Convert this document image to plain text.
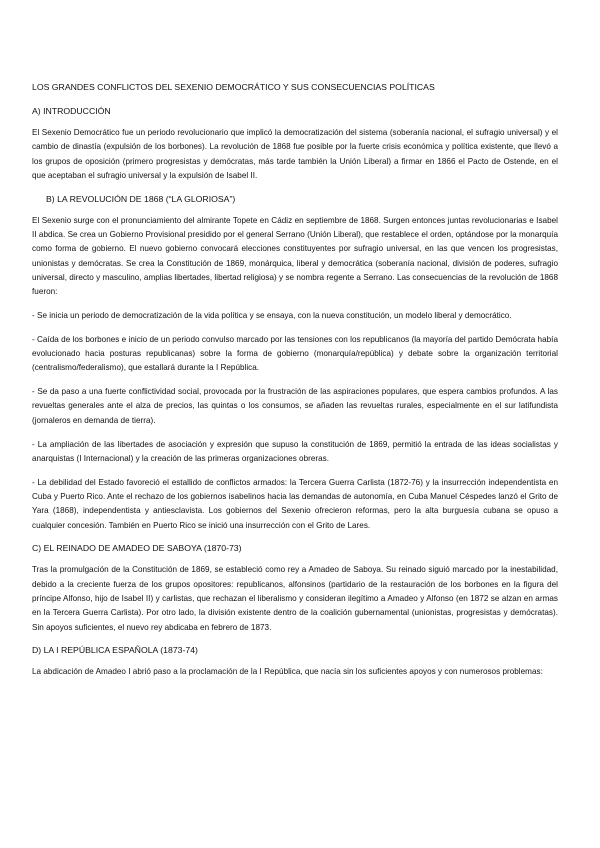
LOS GRANDES CONFLICTOS DEL SEXENIO DEMOCRÁTICO Y SUS CONSECUENCIAS POLÍTICAS
A) INTRODUCCIÓN

El Sexenio Democrático fue un periodo revolucionario que implicó la democratización del sistema (soberanía nacional, el sufragio universal) y el cambio de dinastía (expulsión de los borbones). La revolución de 1868 fue posible por la fuerte crisis económica y política existente, que llevó a los grupos de oposición (primero progresistas y demócratas, más tarde también la Unión Liberal) a firmar en 1866 el Pacto de Ostende, en el que aceptaban el sufragio universal y la expulsión de Isabel II.

B) LA REVOLUCIÓN DE 1868 (“LA GLORIOSA”)

El Sexenio surge con el pronunciamiento del almirante Topete en Cádiz en septiembre de 1868. Surgen entonces juntas revolucionarias e Isabel II abdica. Se crea un Gobierno Provisional presidido por el general Serrano (Unión Liberal), que restablece el orden, optándose por la monarquía como forma de gobierno. El nuevo gobierno convocará elecciones constituyentes por sufragio universal, en las que vencen los progresistas, unionistas y demócratas. Se crea la Constitución de 1869, monárquica, liberal y democrática (soberanía nacional, división de poderes, sufragio universal, directo y masculino, amplias libertades, libertad religiosa) y se nombra regente a Serrano. Las consecuencias de la revolución de 1868 fueron:

- Se inicia un periodo de democratización de la vida política y se ensaya, con la nueva constitución, un modelo liberal y democrático.

- Caída de los borbones e inicio de un periodo convulso marcado por las tensiones con los republicanos (la mayoría del partido Demócrata había evolucionado hacia posturas republicanas) sobre la forma de gobierno (monarquía/república) y debate sobre la organización territorial (centralismo/federalismo), que estallará durante la I República.

- Se da paso a una fuerte conflictividad social, provocada por la frustración de las aspiraciones populares, que espera cambios profundos. A las revueltas generales ante el alza de precios, las quintas o los consumos, se añaden las revueltas rurales, especialmente en el sur latifundista (jornaleros en demanda de tierra).

- La ampliación de las libertades de asociación y expresión que supuso la constitución de 1869, permitió la entrada de las ideas socialistas y anarquistas (I Internacional) y la creación de las primeras organizaciones obreras.

- La debilidad del Estado favoreció el estallido de conflictos armados: la Tercera Guerra Carlista (1872-76) y la insurrección independentista en Cuba y Puerto Rico. Ante el rechazo de los gobiernos isabelinos hacia las demandas de autonomía, en Cuba Manuel Céspedes lanzó el Grito de Yara (1868), independentista y antiesclavista. Los gobiernos del Sexenio ofrecieron reformas, pero la alta burguesía cubana se opuso a cualquier concesión. También en Puerto Rico se inició una insurrección con el Grito de Lares.

C) EL REINADO DE AMADEO DE SABOYA (1870-73)

Tras la promulgación de la Constitución de 1869, se estableció como rey a Amadeo de Saboya. Su reinado siguió marcado por la inestabilidad, debido a la creciente fuerza de los grupos opositores: republicanos, alfonsinos (partidario de la restauración de los borbones en la figura del príncipe Alfonso, hijo de Isabel II) y carlistas, que rechazan el liberalismo y consideran ilegítimo a Amadeo y Alfonso (en 1872 se alzan en armas en la Tercera Guerra Carlista). Por otro lado, la división existente dentro de la coalición gubernamental (unionistas, progresistas y demócratas). Sin apoyos suficientes, el nuevo rey abdicaba en febrero de 1873.

D) LA I REPÚBLICA ESPAÑOLA (1873-74)

La abdicación de Amadeo I abrió paso a la proclamación de la I República, que nacía sin los suficientes apoyos y con numerosos problemas:
